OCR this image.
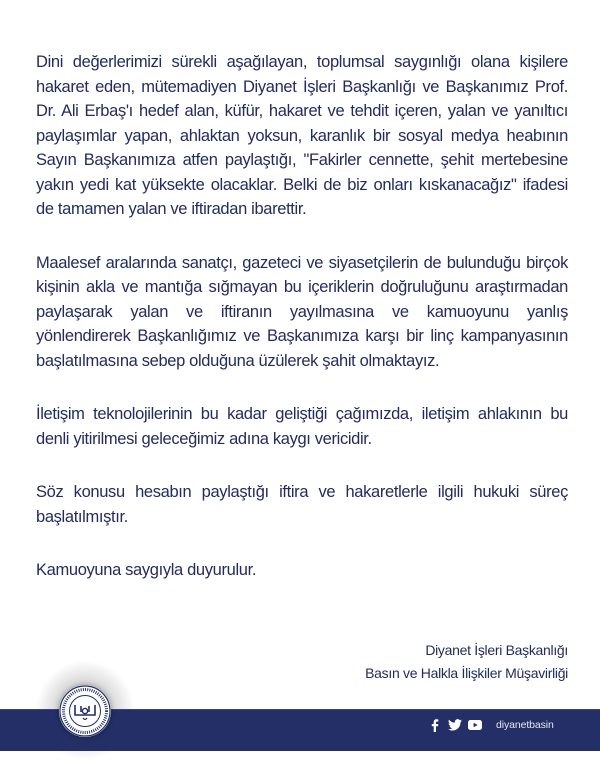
Dini değerlerimizi sürekli aşağılayan, toplumsal saygınlığı olana kişilere hakaret eden, mütemadiyen Diyanet İşleri Başkanlığı ve Başkanımız Prof. Dr. Ali Erbaş'ı hedef alan, küfür, hakaret ve tehdit içeren, yalan ve yanıltıcı paylaşımlar yapan, ahlaktan yoksun, karanlık bir sosyal medya heabının Sayın Başkanımıza atfen paylaştığı, "Fakirler cennette, şehit mertebesine yakın yedi kat yüksekte olacaklar. Belki de biz onları kıskanacağız" ifadesi de tamamen yalan ve iftiradan ibarettir.

Maalesef aralarında sanatçı, gazeteci ve siyasetçilerin de bulunduğu birçok kişinin akla ve mantığa sığmayan bu içeriklerin doğruluğunu araştırmadan paylaşarak yalan ve iftiranın yayılmasına ve kamuoyunu yanlış yönlendirerek Başkanlığımız ve Başkanımıza karşı bir linç kampanyasının başlatılmasına sebep olduğuna üzülerek şahit olmaktayız.

İletişim teknolojilerinin bu kadar geliştiği çağımızda, iletişim ahlakının bu denli yitirilmesi geleceğimiz adına kaygı vericidir.

Söz konusu hesabın paylaştığı iftira ve hakaretlerle ilgili hukuki süreç başlatılmıştır.

Kamuoyuna saygıyla duyurulur.

Diyanet İşleri Başkanlığı
Basın ve Halkla İlişkiler Müşavirliği
diyanetbasin
